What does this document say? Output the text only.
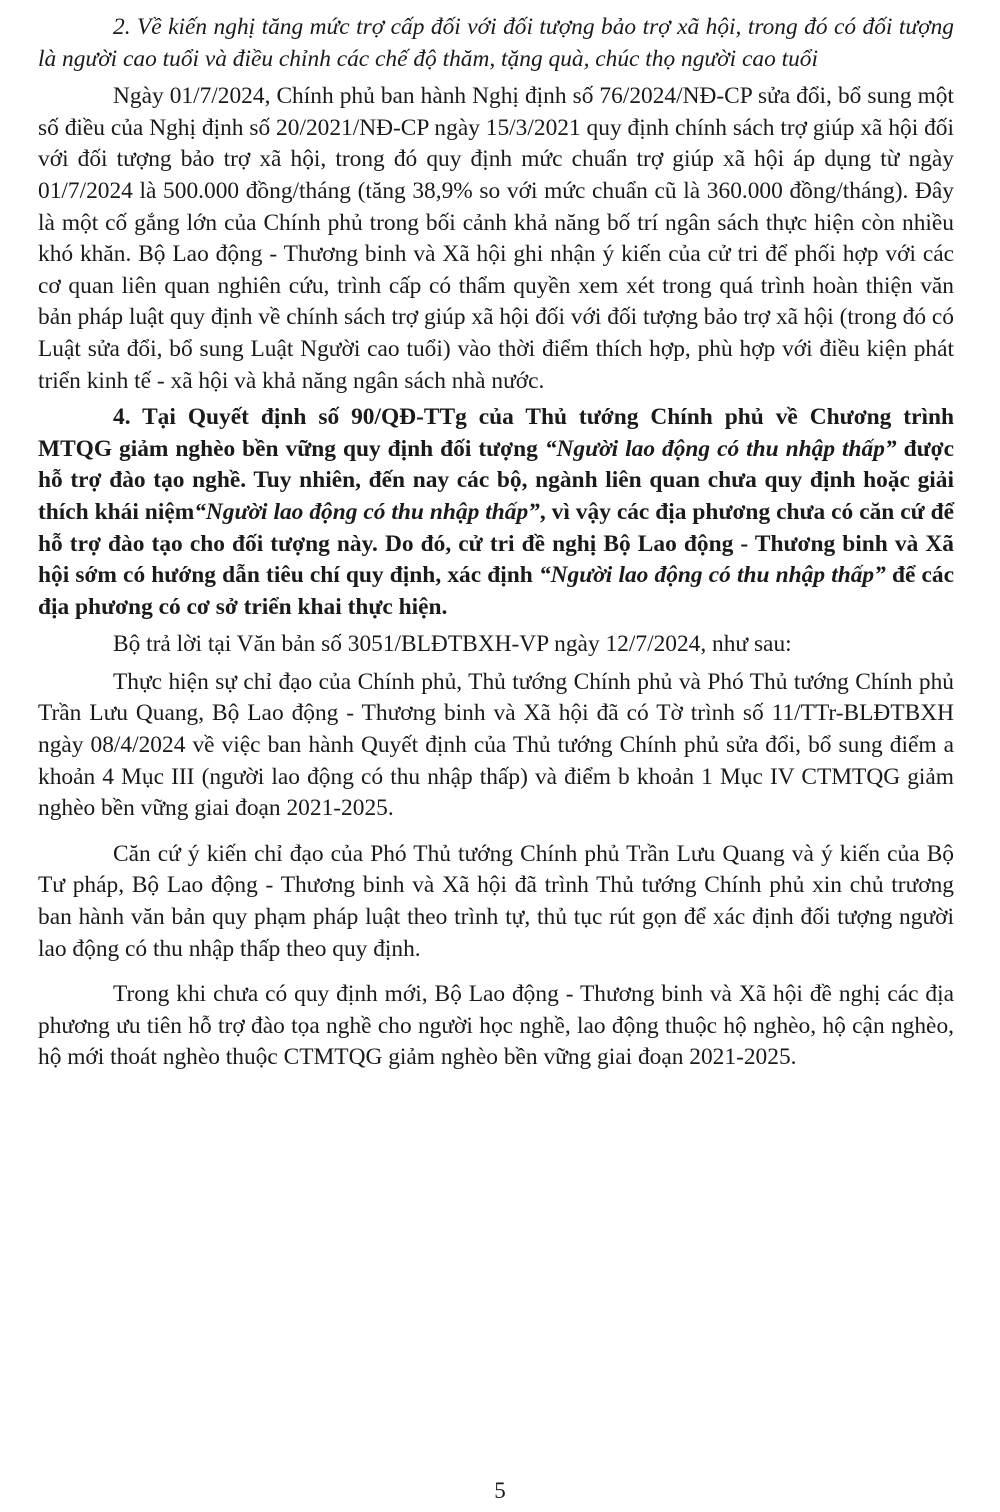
2. Về kiến nghị tăng mức trợ cấp đối với đối tượng bảo trợ xã hội, trong đó có đối tượng là người cao tuổi và điều chỉnh các chế độ thăm, tặng quà, chúc thọ người cao tuổi

Ngày 01/7/2024, Chính phủ ban hành Nghị định số 76/2024/NĐ-CP sửa đổi, bổ sung một số điều của Nghị định số 20/2021/NĐ-CP ngày 15/3/2021 quy định chính sách trợ giúp xã hội đối với đối tượng bảo trợ xã hội, trong đó quy định mức chuẩn trợ giúp xã hội áp dụng từ ngày 01/7/2024 là 500.000 đồng/tháng (tăng 38,9% so với mức chuẩn cũ là 360.000 đồng/tháng). Đây là một cố gắng lớn của Chính phủ trong bối cảnh khả năng bố trí ngân sách thực hiện còn nhiều khó khăn. Bộ Lao động - Thương binh và Xã hội ghi nhận ý kiến của cử tri để phối hợp với các cơ quan liên quan nghiên cứu, trình cấp có thẩm quyền xem xét trong quá trình hoàn thiện văn bản pháp luật quy định về chính sách trợ giúp xã hội đối với đối tượng bảo trợ xã hội (trong đó có Luật sửa đổi, bổ sung Luật Người cao tuổi) vào thời điểm thích hợp, phù hợp với điều kiện phát triển kinh tế - xã hội và khả năng ngân sách nhà nước.

4. Tại Quyết định số 90/QĐ-TTg của Thủ tướng Chính phủ về Chương trình MTQG giảm nghèo bền vững quy định đối tượng “Người lao động có thu nhập thấp” được hỗ trợ đào tạo nghề. Tuy nhiên, đến nay các bộ, ngành liên quan chưa quy định hoặc giải thích khái niệm“Người lao động có thu nhập thấp”, vì vậy các địa phương chưa có căn cứ để hỗ trợ đào tạo cho đối tượng này. Do đó, cử tri đề nghị Bộ Lao động - Thương binh và Xã hội sớm có hướng dẫn tiêu chí quy định, xác định “Người lao động có thu nhập thấp” để các địa phương có cơ sở triển khai thực hiện.

Bộ trả lời tại Văn bản số 3051/BLĐTBXH-VP ngày 12/7/2024, như sau:

Thực hiện sự chỉ đạo của Chính phủ, Thủ tướng Chính phủ và Phó Thủ tướng Chính phủ Trần Lưu Quang, Bộ Lao động - Thương binh và Xã hội đã có Tờ trình số 11/TTr-BLĐTBXH ngày 08/4/2024 về việc ban hành Quyết định của Thủ tướng Chính phủ sửa đổi, bổ sung điểm a khoản 4 Mục III (người lao động có thu nhập thấp) và điểm b khoản 1 Mục IV CTMTQG giảm nghèo bền vững giai đoạn 2021-2025.

Căn cứ ý kiến chỉ đạo của Phó Thủ tướng Chính phủ Trần Lưu Quang và ý kiến của Bộ Tư pháp, Bộ Lao động - Thương binh và Xã hội đã trình Thủ tướng Chính phủ xin chủ trương ban hành văn bản quy phạm pháp luật theo trình tự, thủ tục rút gọn để xác định đối tượng người lao động có thu nhập thấp theo quy định.

Trong khi chưa có quy định mới, Bộ Lao động - Thương binh và Xã hội đề nghị các địa phương ưu tiên hỗ trợ đào tọa nghề cho người học nghề, lao động thuộc hộ nghèo, hộ cận nghèo, hộ mới thoát nghèo thuộc CTMTQG giảm nghèo bền vững giai đoạn 2021-2025.

5
